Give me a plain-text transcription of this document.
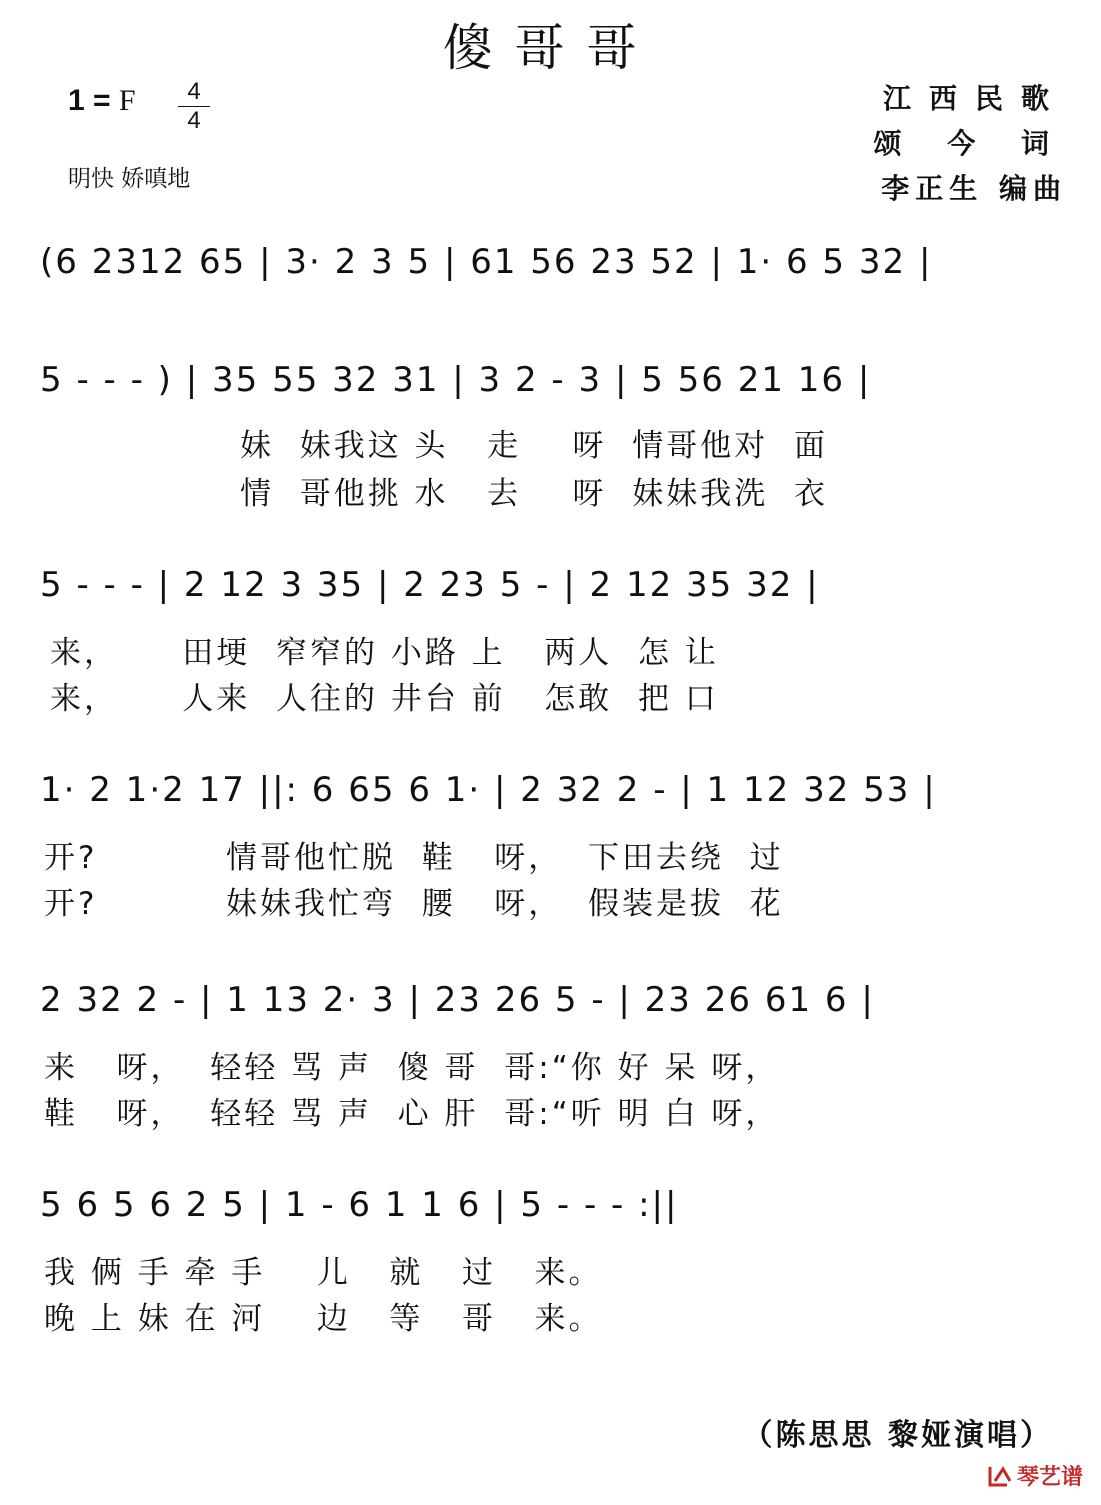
傻哥哥
1 = F	4
4
明快 娇嗔地
江西民歌
颂 今 词
李正生 编曲
(6 2312 65 | 3· 2 3 5 | 61 56 23 52 | 1· 6 5 32 |
5 - - - ) | 35 55 32 31 | 3 2 - 3 | 5 56 21 16 |
妹  妹我这 头   走    呀  情哥他对  面
情  哥他挑 水   去    呀  妹妹我洗  衣
5 - - - | 2 12 3 35 | 2 23 5 - | 2 12 35 32 |
来，     田埂  窄窄的 小路 上   两人  怎 让
来，     人来  人往的 井台 前   怎敢  把 口
1· 2 1·2 17 ||: 6 65 6 1· | 2 32 2 - | 1 12 32 53 |
开?          情哥他忙脱  鞋   呀，  下田去绕  过
开?          妹妹我忙弯  腰   呀，  假装是拔  花
2 32 2 - | 1 13 2· 3 | 23 26 5 - | 23 26 61 6 |
来   呀，  轻轻 骂 声  傻 哥  哥:“你 好 呆 呀，
鞋   呀，  轻轻 骂 声  心 肝  哥:“听 明 白 呀，
5 6 5 6 2 5 | 1 - 6 1 1 6 | 5 - - - :||
我 俩 手 牵 手    儿   就   过   来。
晚 上 妹 在 河    边   等   哥   来。
（陈思思 黎娅演唱）
琴艺谱
